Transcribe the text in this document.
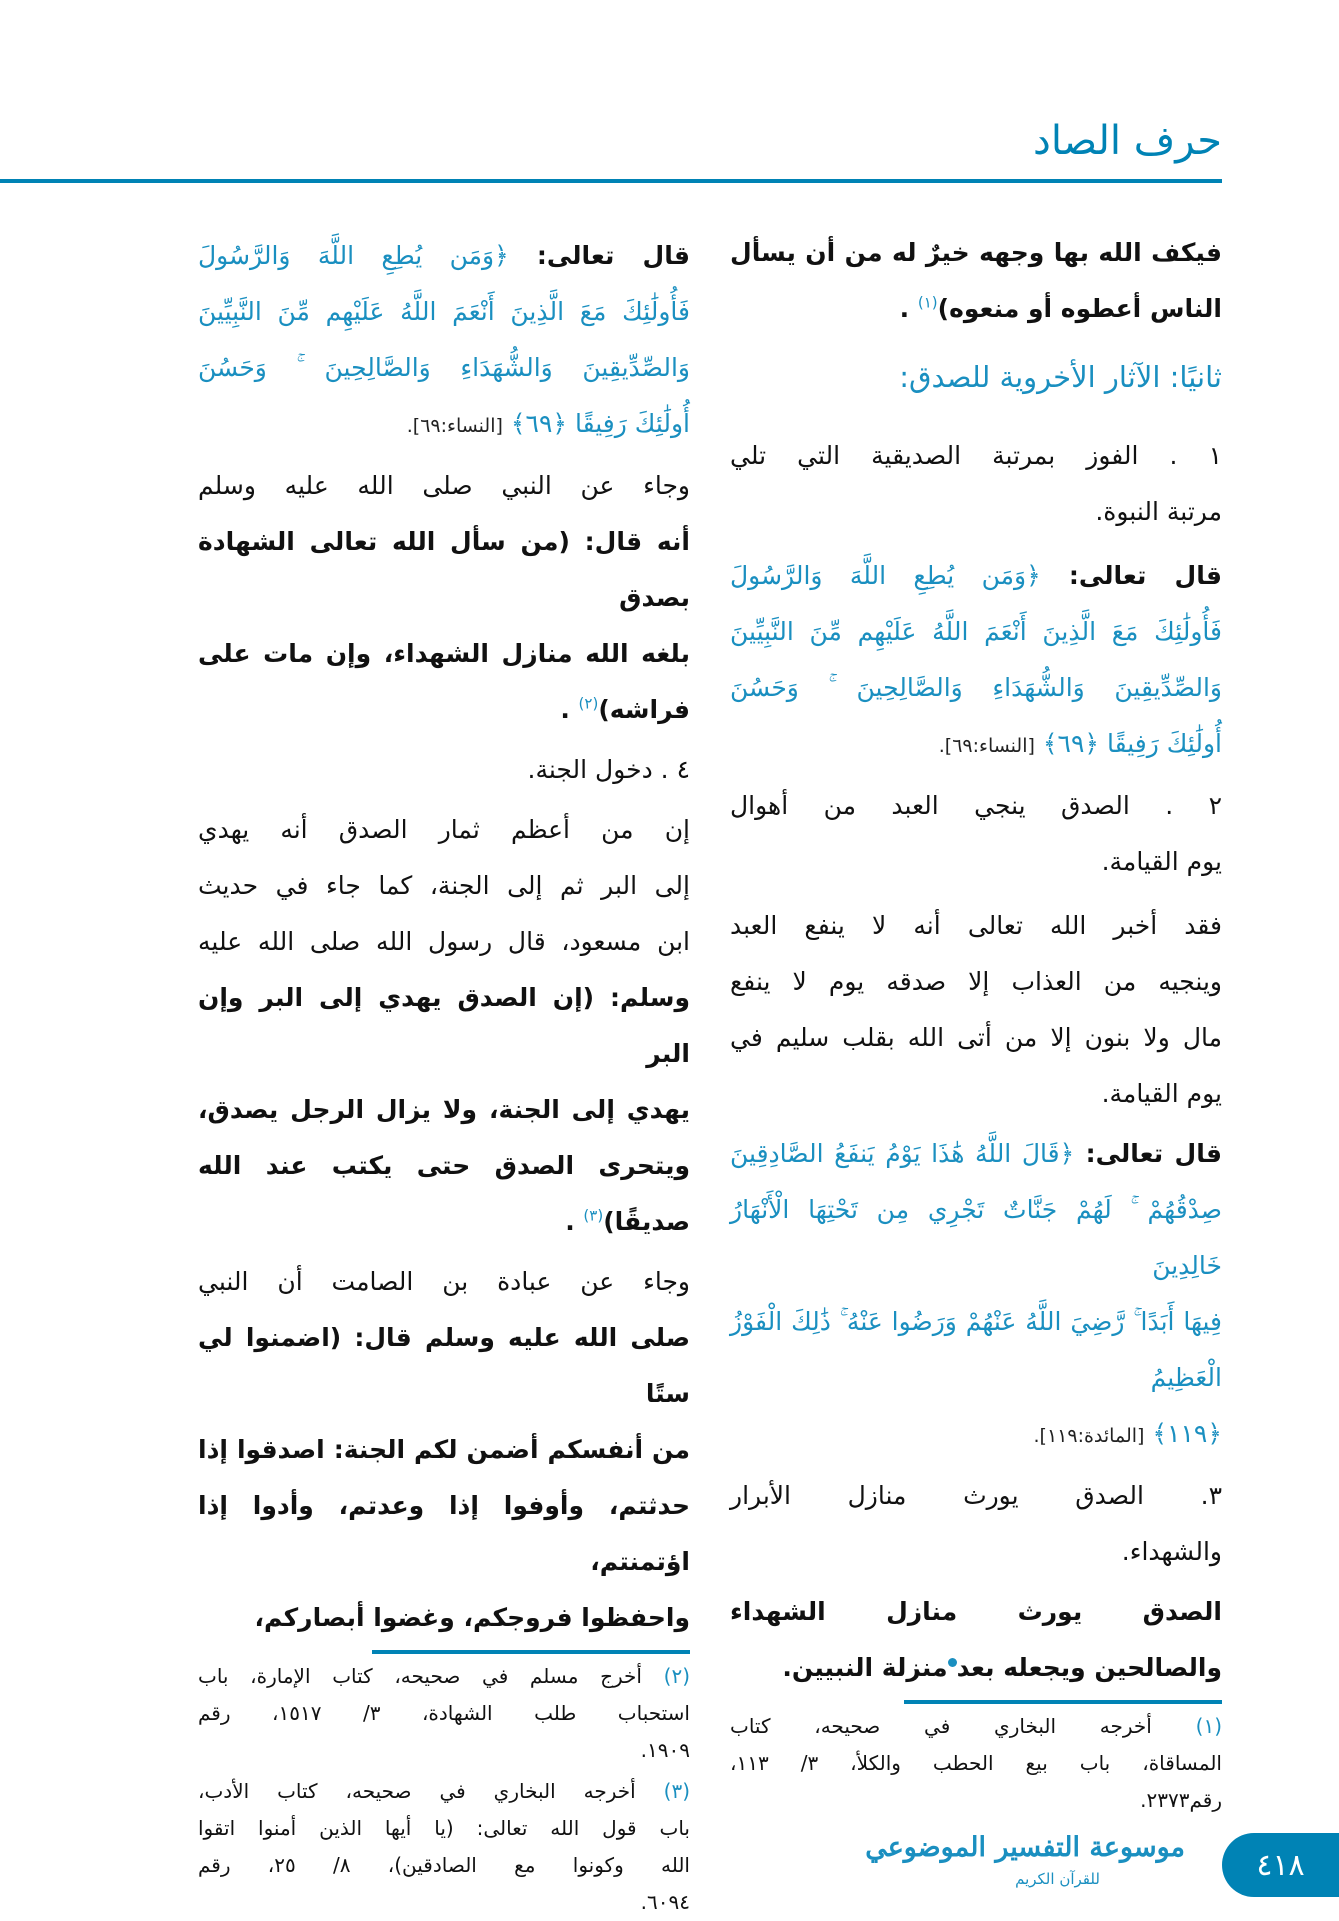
حرف الصاد
فيكف الله بها وجهه خيرٌ له من أن يسأل
الناس أعطوه أو منعوه)$^{(١)}$ .
ثانيًا: الآثار الأخروية للصدق:
١ . الفوز بمرتبة الصديقية التي تلي
مرتبة النبوة.
قال تعالى: ﴿وَمَن يُطِعِ اللَّهَ وَالرَّسُولَ
فَأُولَٰئِكَ مَعَ الَّذِينَ أَنْعَمَ اللَّهُ عَلَيْهِم مِّنَ النَّبِيِّينَ
وَالصِّدِّيقِينَ وَالشُّهَدَاءِ وَالصَّالِحِينَ ۚ وَحَسُنَ
أُولَٰئِكَ رَفِيقًا ﴿٦٩﴾ [النساء:٦٩].
٢ . الصدق ينجي العبد من أهوال
يوم القيامة.
فقد أخبر الله تعالى أنه لا ينفع العبد
وينجيه من العذاب إلا صدقه يوم لا ينفع
مال ولا بنون إلا من أتى الله بقلب سليم في
يوم القيامة.
قال تعالى: ﴿قَالَ اللَّهُ هَٰذَا يَوْمُ يَنفَعُ الصَّادِقِينَ
صِدْقُهُمْ ۚ لَهُمْ جَنَّاتٌ تَجْرِي مِن تَحْتِهَا الْأَنْهَارُ خَالِدِينَ
فِيهَا أَبَدًا ۚ رَّضِيَ اللَّهُ عَنْهُمْ وَرَضُوا عَنْهُ ۚ ذَٰلِكَ الْفَوْزُ الْعَظِيمُ
﴿١١٩﴾ [المائدة:١١٩].
٣. الصدق يورث منازل الأبرار
والشهداء.
الصدق يورث منازل الشهداء
والصالحين ويجعله بعدمنزلة النبيين.
(١) أخرجه البخاري في صحيحه، كتاب
المساقاة، باب بيع الحطب والكلأ، ٣/ ١١٣،
رقم٢٣٧٣.
قال تعالى: ﴿وَمَن يُطِعِ اللَّهَ وَالرَّسُولَ
فَأُولَٰئِكَ مَعَ الَّذِينَ أَنْعَمَ اللَّهُ عَلَيْهِم مِّنَ النَّبِيِّينَ
وَالصِّدِّيقِينَ وَالشُّهَدَاءِ وَالصَّالِحِينَ ۚ وَحَسُنَ
أُولَٰئِكَ رَفِيقًا ﴿٦٩﴾ [النساء:٦٩].
وجاء عن النبي صلى الله عليه وسلم
أنه قال: (من سأل الله تعالى الشهادة بصدق
بلغه الله منازل الشهداء، وإن مات على
فراشه)$^{(٢)}$ .
٤ . دخول الجنة.
إن من أعظم ثمار الصدق أنه يهدي
إلى البر ثم إلى الجنة، كما جاء في حديث
ابن مسعود، قال رسول الله صلى الله عليه
وسلم: (إن الصدق يهدي إلى البر وإن البر
يهدي إلى الجنة، ولا يزال الرجل يصدق،
ويتحرى الصدق حتى يكتب عند الله
صديقًا)$^{(٣)}$ .
وجاء عن عبادة بن الصامت أن النبي
صلى الله عليه وسلم قال: (اضمنوا لي ستًا
من أنفسكم أضمن لكم الجنة: اصدقوا إذا
حدثتم، وأوفوا إذا وعدتم، وأدوا إذا اؤتمنتم،
واحفظوا فروجكم، وغضوا أبصاركم،
(٢) أخرج مسلم في صحيحه، كتاب الإمارة، باب
استحباب طلب الشهادة، ٣/ ١٥١٧، رقم
١٩٠٩.
(٣) أخرجه البخاري في صحيحه، كتاب الأدب،
باب قول الله تعالى: (يا أيها الذين أمنوا اتقوا
الله وكونوا مع الصادقين)، ٨/ ٢٥، رقم
٦٠٩٤.
موسوعة التفسير الموضوعي
للقرآن الكريم	٤١٨
